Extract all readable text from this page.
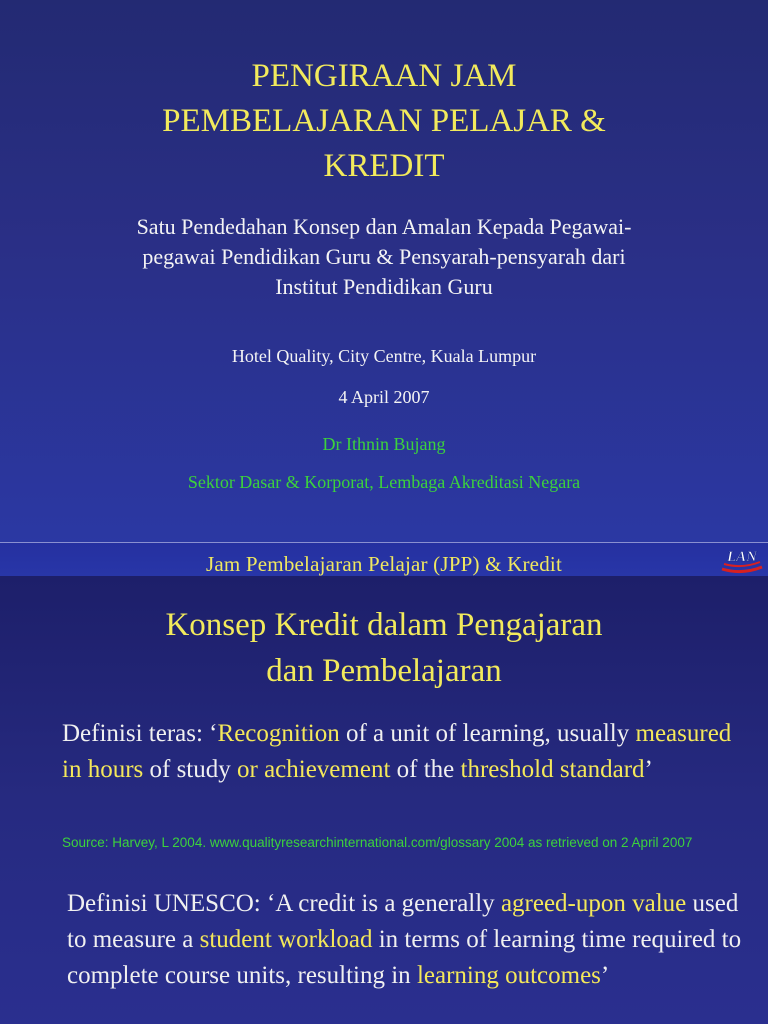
PENGIRAAN JAM
PEMBELAJARAN PELAJAR &
KREDIT
Satu Pendedahan Konsep dan Amalan Kepada Pegawai-
pegawai Pendidikan Guru & Pensyarah-pensyarah dari
Institut Pendidikan Guru
Hotel Quality, City Centre, Kuala Lumpur
4 April 2007
Dr Ithnin Bujang
Sektor Dasar & Korporat, Lembaga Akreditasi Negara
Jam Pembelajaran Pelajar (JPP) & Kredit	LAN
Konsep Kredit dalam Pengajaran
dan Pembelajaran
Definisi teras: ‘Recognition of a unit of learning, usually measured in hours of study or achievement of the threshold standard’
Source: Harvey, L 2004. www.qualityresearchinternational.com/glossary 2004 as retrieved on 2 April 2007
Definisi UNESCO: ‘A credit is a generally agreed-upon value used to measure a student workload in terms of learning time required to complete course units, resulting in learning outcomes’
